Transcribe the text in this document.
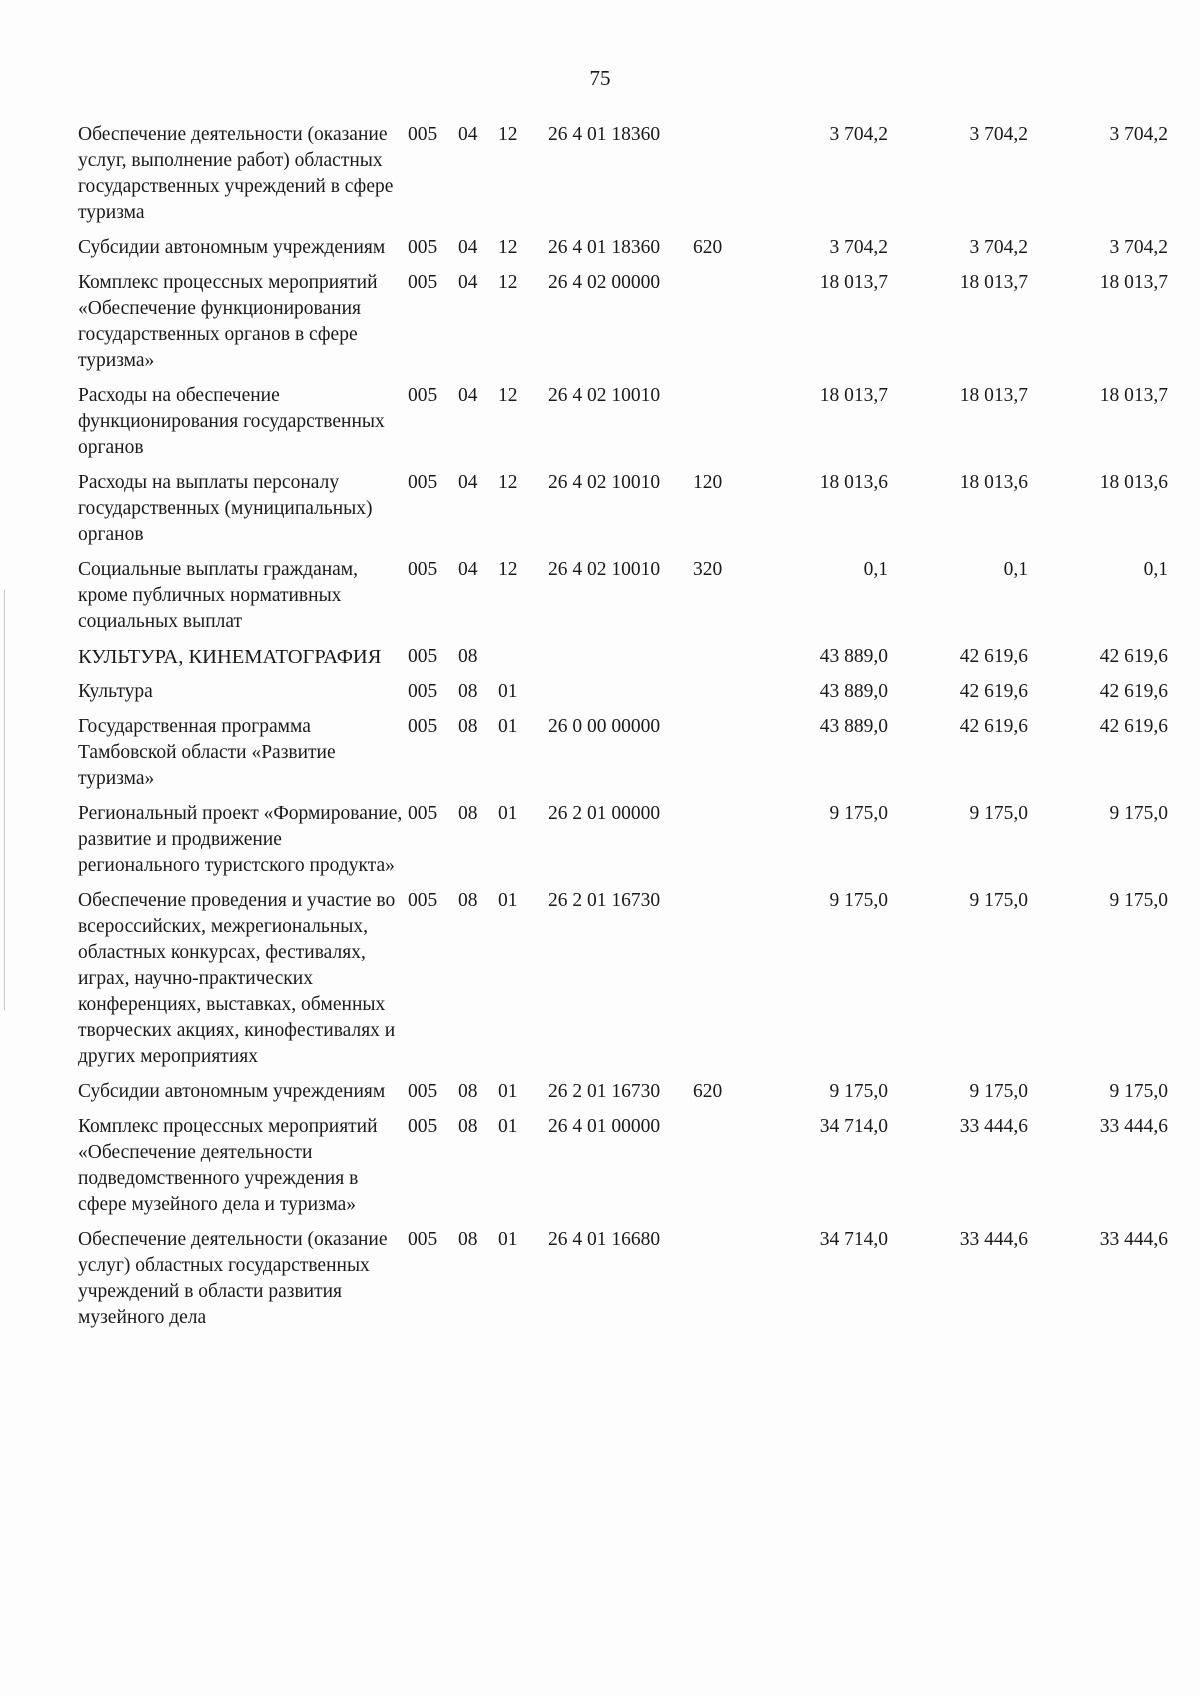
75
Обеспечение деятельности (оказание услуг, выполнение работ) областных государственных учреждений в сфере туризма	005	04	12	26 4 01 18360		3 704,2	3 704,2	3 704,2
Субсидии автономным учреждениям	005	04	12	26 4 01 18360	620	3 704,2	3 704,2	3 704,2
Комплекс процессных мероприятий «Обеспечение функционирования государственных органов в сфере туризма»	005	04	12	26 4 02 00000		18 013,7	18 013,7	18 013,7
Расходы на обеспечение функционирования государственных органов	005	04	12	26 4 02 10010		18 013,7	18 013,7	18 013,7
Расходы на выплаты персоналу государственных (муниципальных) органов	005	04	12	26 4 02 10010	120	18 013,6	18 013,6	18 013,6
Социальные выплаты гражданам, кроме публичных нормативных социальных выплат	005	04	12	26 4 02 10010	320	0,1	0,1	0,1
КУЛЬТУРА, КИНЕМАТОГРАФИЯ	005	08				43 889,0	42 619,6	42 619,6
Культура	005	08	01			43 889,0	42 619,6	42 619,6
Государственная программа Тамбовской области «Развитие туризма»	005	08	01	26 0 00 00000		43 889,0	42 619,6	42 619,6
Региональный проект «Формирование, развитие и продвижение регионального туристского продукта»	005	08	01	26 2 01 00000		9 175,0	9 175,0	9 175,0
Обеспечение проведения и участие во всероссийских, межрегиональных, областных конкурсах, фестивалях, играх, научно-практических конференциях, выставках, обменных творческих акциях, кинофестивалях и других мероприятиях	005	08	01	26 2 01 16730		9 175,0	9 175,0	9 175,0
Субсидии автономным учреждениям	005	08	01	26 2 01 16730	620	9 175,0	9 175,0	9 175,0
Комплекс процессных мероприятий «Обеспечение деятельности подведомственного учреждения в сфере музейного дела и туризма»	005	08	01	26 4 01 00000		34 714,0	33 444,6	33 444,6
Обеспечение деятельности (оказание услуг) областных государственных учреждений в области развития музейного дела	005	08	01	26 4 01 16680		34 714,0	33 444,6	33 444,6
